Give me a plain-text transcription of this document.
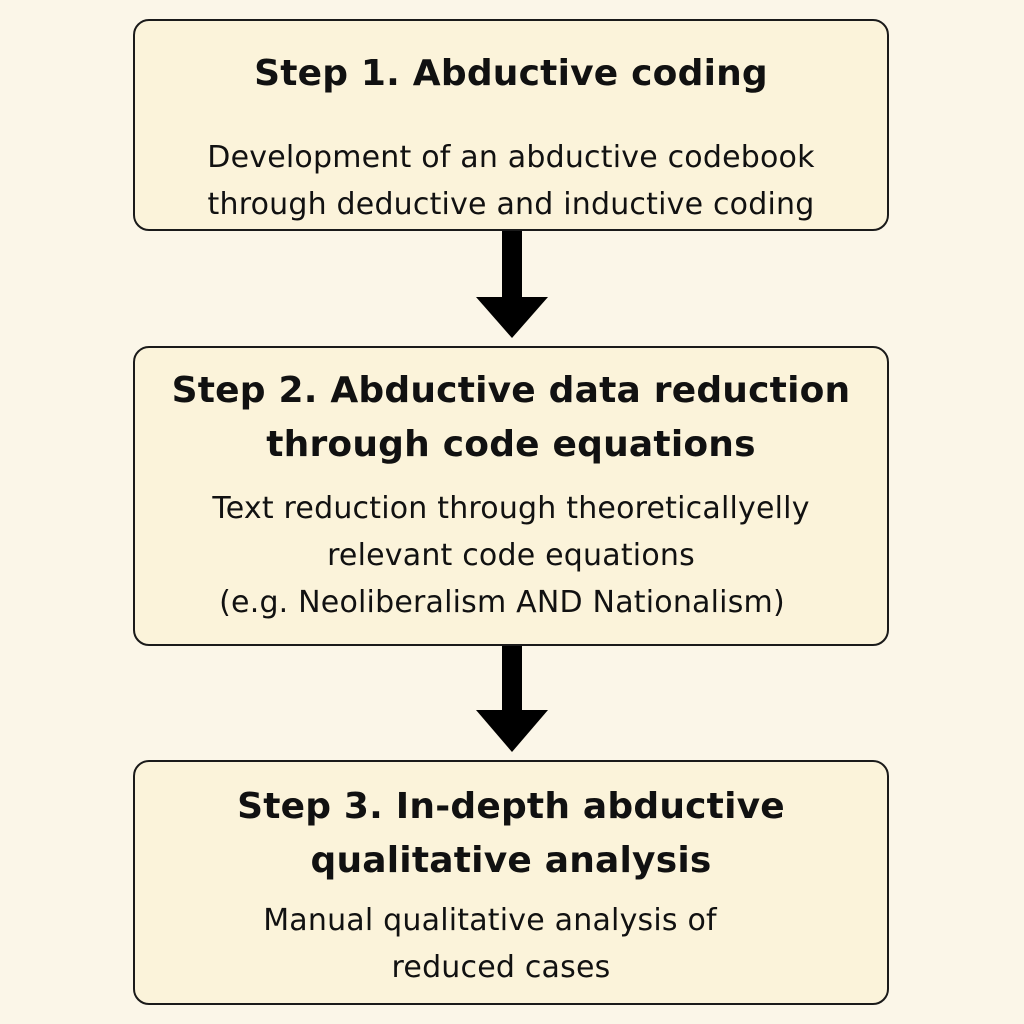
Step 1. Abductive coding
Development of an abductive codebook
through deductive and inductive coding
Step 2. Abductive data reduction
through code equations
Text reduction through theoreticallyelly
relevant code equations
(e.g. Neoliberalism AND Nationalism)
Step 3. In-depth abductive
qualitative analysis
Manual qualitative analysis of
reduced cases
